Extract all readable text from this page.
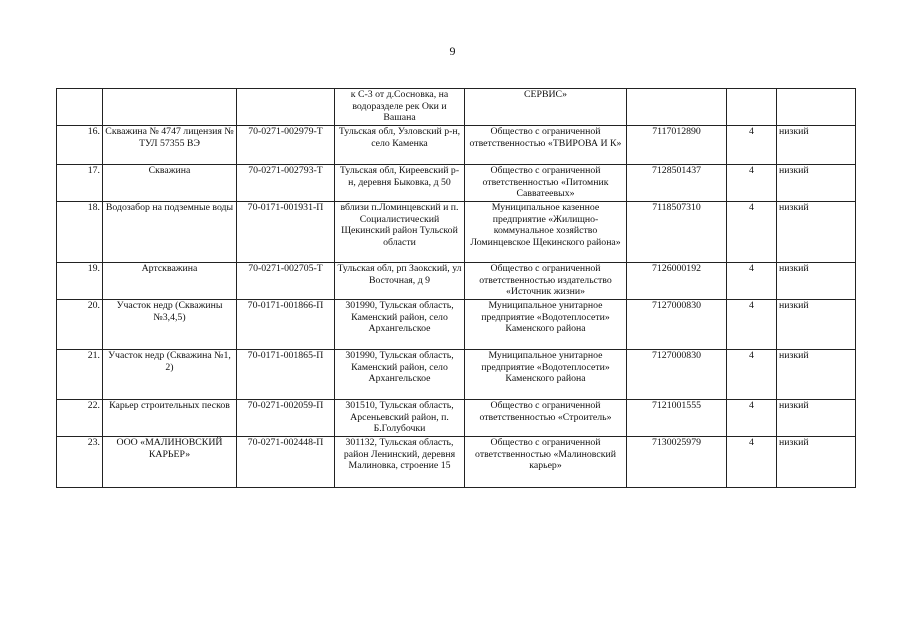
9
			к С-3 от д.Сосновка, на водоразделе рек Оки и Вашана	СЕРВИС»			
16.	Скважина № 4747 лицензия № ТУЛ 57355 ВЭ	70-0271-002979-Т	Тульская обл, Узловский р-н, село Каменка	Общество с ограниченной ответственностью «ТВИРОВА И К»	7117012890	4	низкий
17.	Скважина	70-0271-002793-Т	Тульская обл, Киреевский р-н, деревня Быковка, д 50	Общество с ограниченной ответственностью «Питомник Савватеевых»	7128501437	4	низкий
18.	Водозабор на подземные воды	70-0171-001931-П	вблизи п.Ломинцевский и п. Социалистический Щекинский район Тульской области	Муниципальное казенное предприятие «Жилищно-коммунальное хозяйство Ломинцевское Щекинского района»	7118507310	4	низкий
19.	Артскважина	70-0271-002705-Т	Тульская обл, рп Заокский, ул Восточная, д 9	Общество с ограниченной ответственностью издательство «Источник жизни»	7126000192	4	низкий
20.	Участок недр (Скважины №3,4,5)	70-0171-001866-П	301990, Тульская область, Каменский район, село Архангельское	Муниципальное унитарное предприятие «Водотеплосети» Каменского района	7127000830	4	низкий
21.	Участок недр (Скважина №1, 2)	70-0171-001865-П	301990, Тульская область, Каменский район, село Архангельское	Муниципальное унитарное предприятие «Водотеплосети» Каменского района	7127000830	4	низкий
22.	Карьер строительных песков	70-0271-002059-П	301510, Тульская область, Арсеньевский район, п. Б.Голубочки	Общество с ограниченной ответственностью «Строитель»	7121001555	4	низкий
23.	ООО «МАЛИНОВСКИЙ КАРЬЕР»	70-0271-002448-П	301132, Тульская область, район Ленинский, деревня Малиновка, строение 15	Общество с ограниченной ответственностью «Малиновский карьер»	7130025979	4	низкий
